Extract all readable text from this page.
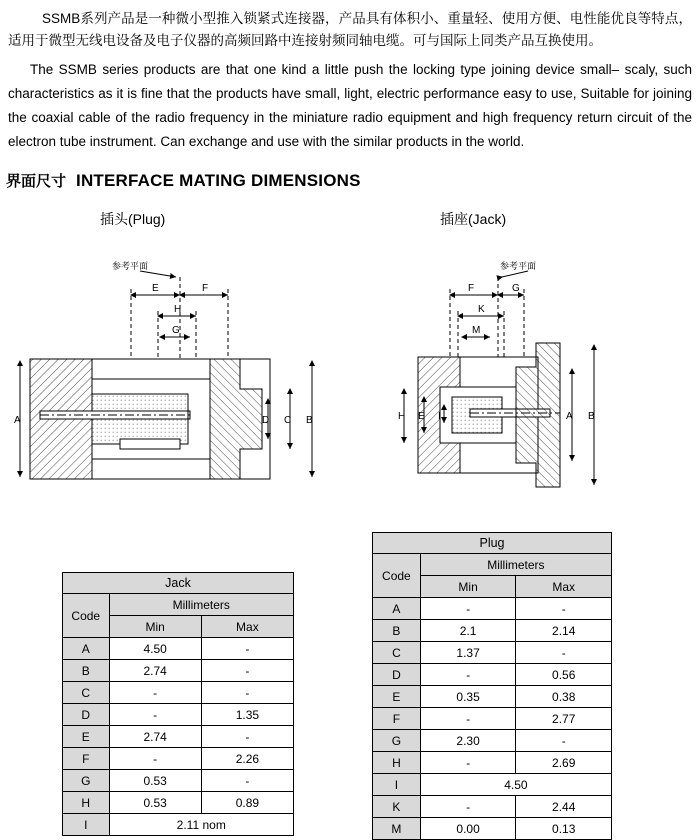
SSMB系列产品是一种微小型推入锁紧式连接器，产品具有体积小、重量轻、使用方便、电性能优良等特点，适用于微型无线电设备及电子仪器的高频回路中连接射频同轴电缆。可与国际上同类产品互换使用。
The SSMB series products are that one kind a little push the locking type joining device small– scaly, such characteristics as it is fine that the products have small, light, electric performance easy to use, Suitable for joining the coaxial cable of the radio frequency in the miniature radio equipment and high frequency return circuit of the electron tube instrument. Can exchange and use with the similar products in the world.
界面尺寸 INTERFACE MATING DIMENSIONS
插头(Plug)	插座(Jack)
参考平面
E	F
H
G
A	D C B
参考平面
F	G
K
M
H E I	A B
Jack		
Code	Millimeters	
	Min	Max
A	4.50	-
B	2.74	-
C	-	-
D	-	1.35
E	2.74	-
F	-	2.26
G	0.53	-
H	0.53	0.89
I	2.11 nom	
Plug		
Code	Millimeters	
	Min	Max
A	-	-
B	2.1	2.14
C	1.37	-
D	-	0.56
E	0.35	0.38
F	-	2.77
G	2.30	-
H	-	2.69
I	4.50	
K	-	2.44
M	0.00	0.13
